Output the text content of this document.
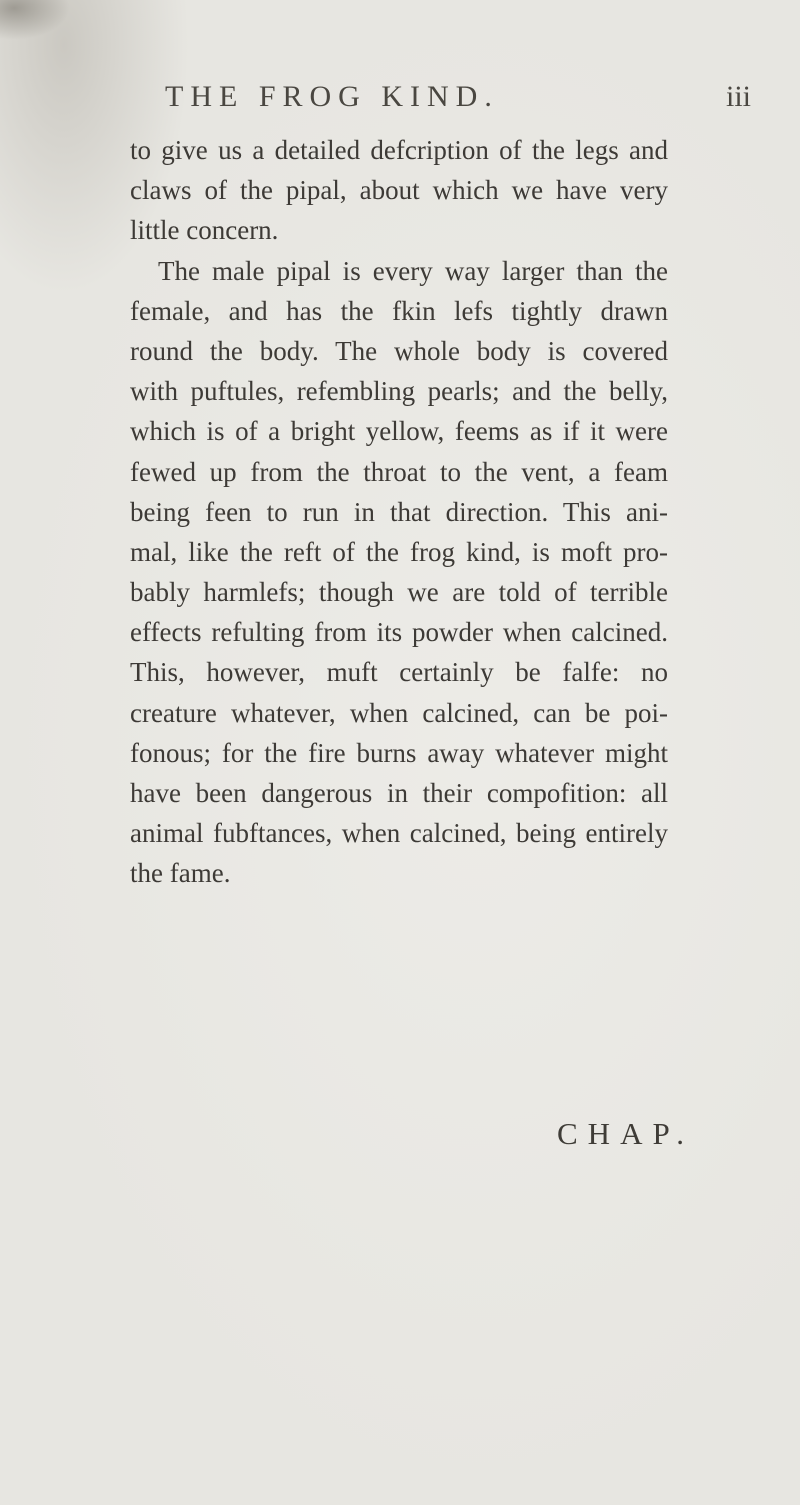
THE FROG KIND.	iii
to give us a detailed defcription of the legs and
claws of the pipal, about which we have very
little concern.
The male pipal is every way larger than the
female, and has the fkin lefs tightly drawn
round the body. The whole body is covered
with puftules, refembling pearls; and the belly,
which is of a bright yellow, feems as if it were
fewed up from the throat to the vent, a feam
being feen to run in that direction. This ani-
mal, like the reft of the frog kind, is moft pro-
bably harmlefs; though we are told of terrible
effects refulting from its powder when calcined.
This, however, muft certainly be falfe: no
creature whatever, when calcined, can be poi-
fonous; for the fire burns away whatever might
have been dangerous in their compofition: all
animal fubftances, when calcined, being entirely
the fame.
CHAP.
